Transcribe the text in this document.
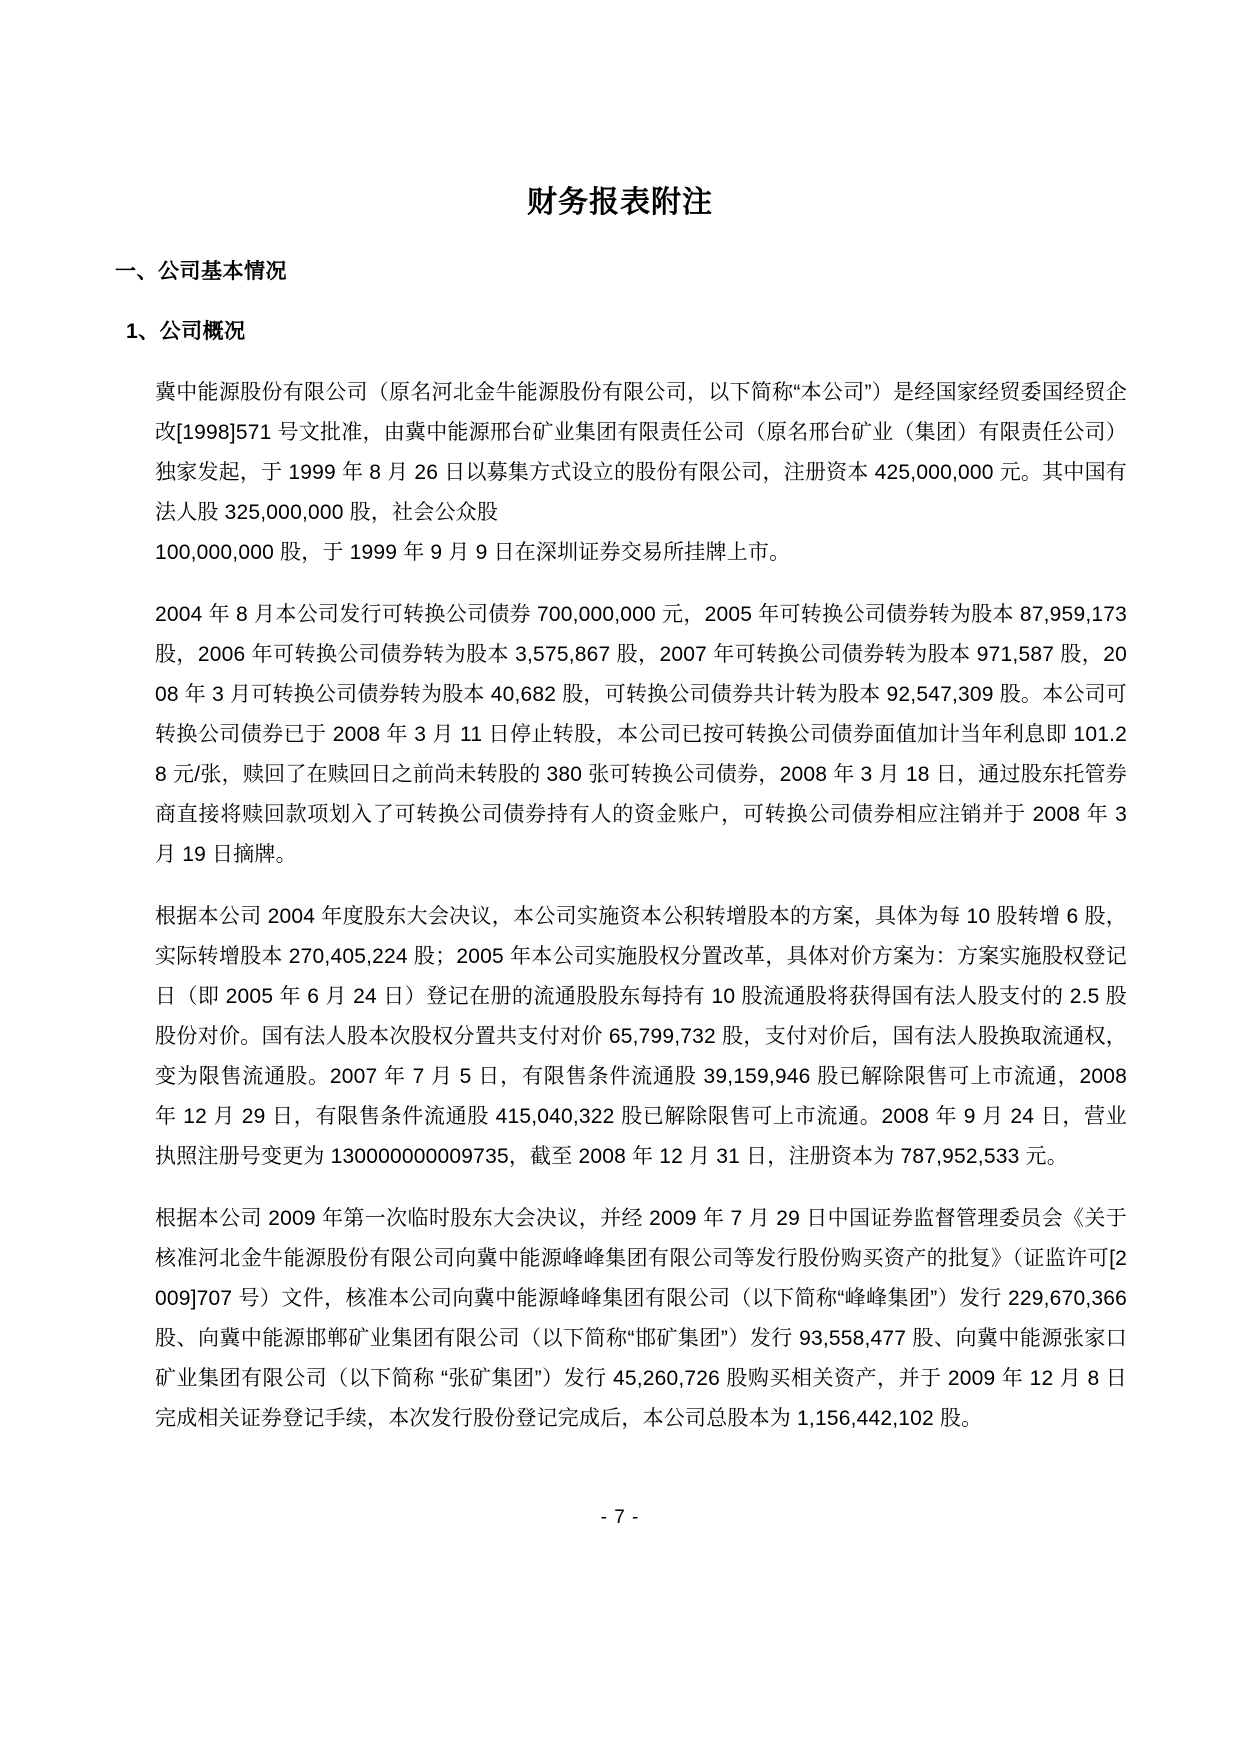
财务报表附注
一、公司基本情况
1、公司概况

冀中能源股份有限公司（原名河北金牛能源股份有限公司，以下简称“本公司”）是经国家经贸委国经贸企改[1998]571 号文批准，由冀中能源邢台矿业集团有限责任公司（原名邢台矿业（集团）有限责任公司）独家发起，于 1999 年 8 月 26 日以募集方式设立的股份有限公司，注册资本 425,000,000 元。其中国有法人股 325,000,000 股，社会公众股

100,000,000 股，于 1999 年 9 月 9 日在深圳证券交易所挂牌上市。

2004 年 8 月本公司发行可转换公司债券 700,000,000 元，2005 年可转换公司债券转为股本 87,959,173 股，2006 年可转换公司债券转为股本 3,575,867 股，2007 年可转换公司债券转为股本 971,587 股，2008 年 3 月可转换公司债券转为股本 40,682 股，可转换公司债券共计转为股本 92,547,309 股。本公司可转换公司债券已于 2008 年 3 月 11 日停止转股，本公司已按可转换公司债券面值加计当年利息即 101.28 元/张，赎回了在赎回日之前尚未转股的 380 张可转换公司债券，2008 年 3 月 18 日，通过股东托管券商直接将赎回款项划入了可转换公司债券持有人的资金账户，可转换公司债券相应注销并于 2008 年 3 月 19 日摘牌。

根据本公司 2004 年度股东大会决议，本公司实施资本公积转增股本的方案，具体为每 10 股转增 6 股，实际转增股本 270,405,224 股；2005 年本公司实施股权分置改革，具体对价方案为：方案实施股权登记日（即 2005 年 6 月 24 日）登记在册的流通股股东每持有 10 股流通股将获得国有法人股支付的 2.5 股股份对价。国有法人股本次股权分置共支付对价 65,799,732 股，支付对价后，国有法人股换取流通权，变为限售流通股。2007 年 7 月 5 日，有限售条件流通股 39,159,946 股已解除限售可上市流通，2008 年 12 月 29 日，有限售条件流通股 415,040,322 股已解除限售可上市流通。2008 年 9 月 24 日，营业执照注册号变更为 130000000009735，截至 2008 年 12 月 31 日，注册资本为 787,952,533 元。

根据本公司 2009 年第一次临时股东大会决议，并经 2009 年 7 月 29 日中国证券监督管理委员会《关于核准河北金牛能源股份有限公司向冀中能源峰峰集团有限公司等发行股份购买资产的批复》（证监许可[2009]707 号）文件，核准本公司向冀中能源峰峰集团有限公司（以下简称“峰峰集团”）发行 229,670,366 股、向冀中能源邯郸矿业集团有限公司（以下简称“邯矿集团”）发行 93,558,477 股、向冀中能源张家口矿业集团有限公司（以下简称 “张矿集团”）发行 45,260,726 股购买相关资产，并于 2009 年 12 月 8 日完成相关证券登记手续，本次发行股份登记完成后，本公司总股本为 1,156,442,102 股。

- 7 -
